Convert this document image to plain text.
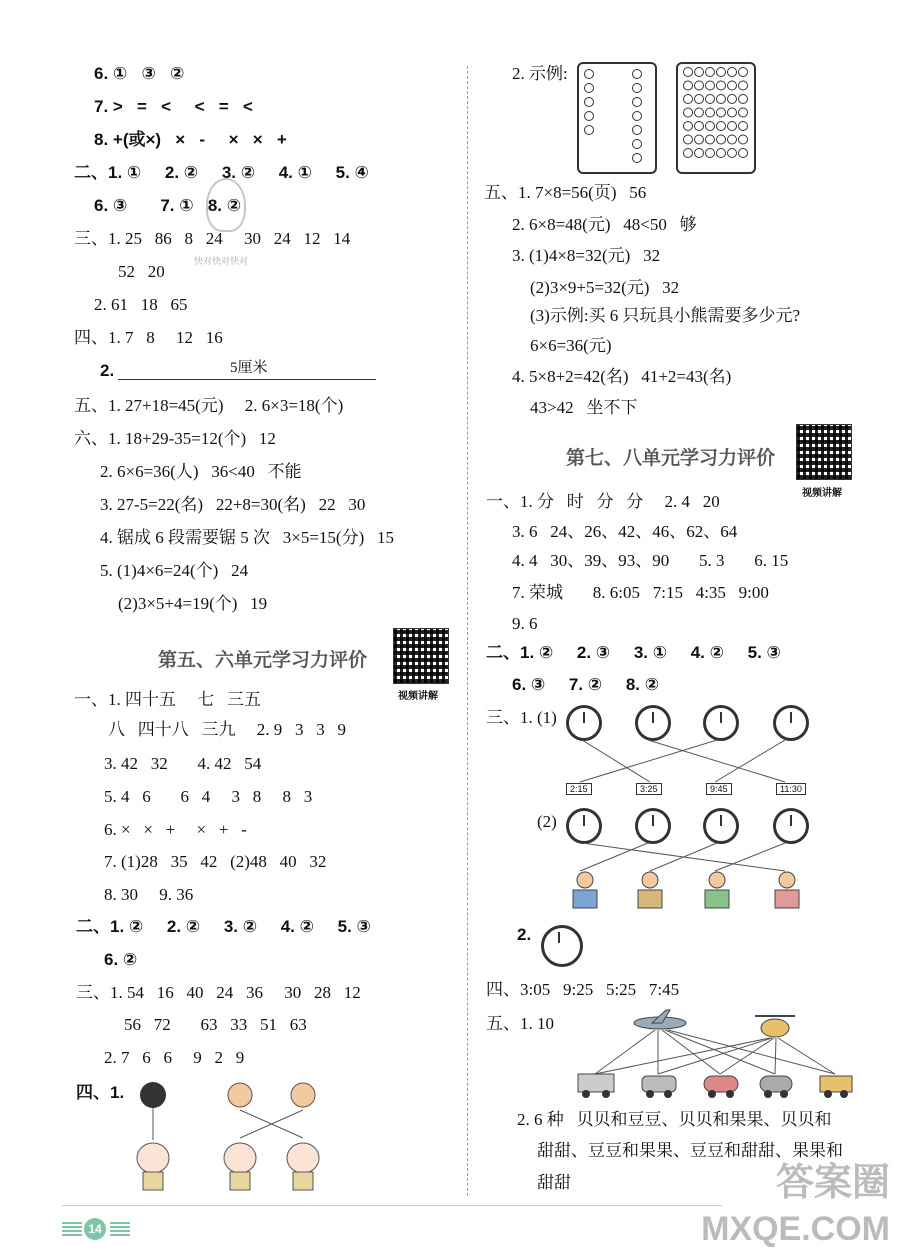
6. ①   ③   ②
7. >   =   <     <   =   <
8. +(或×)   ×   -     ×   ×   +
二、1. ①     2. ②     3. ②     4. ①     5. ④
6. ③       7. ①   8. ②
三、1. 25   86   8   24     30   24   12   14
52   20
2. 61   18   65
四、1. 7   8     12   16
2.	5厘米
五、1. 27+18=45(元)     2. 6×3=18(个)
六、1. 18+29-35=12(个)   12
2. 6×6=36(人)   36<40   不能
3. 27-5=22(名)   22+8=30(名)   22   30
4. 锯成 6 段需要锯 5 次   3×5=15(分)   15
5. (1)4×6=24(个)   24
(2)3×5+4=19(个)   19
第五、六单元学习力评价
视频讲解
一、1. 四十五     七   三五
八   四十八   三九     2. 9   3   3   9
3. 42   32       4. 42   54
5. 4   6       6   4     3   8     8   3
6. ×   ×   +     ×   +   -
7. (1)28   35   42   (2)48   40   32
8. 30     9. 36
二、1. ②     2. ②     3. ②     4. ②     5. ③
6. ②
三、1. 54   16   40   24   36     30   28   12
56   72       63   33   51   63
2. 7   6   6     9   2   9
四、1.
快对快对快对
2. 示例:
五、1. 7×8=56(页)   56
2. 6×8=48(元)   48<50   够
3. (1)4×8=32(元)   32
(2)3×9+5=32(元)   32
(3)示例:买 6 只玩具小熊需要多少元?
6×6=36(元)
4. 5×8+2=42(名)   41+2=43(名)
43>42   坐不下
第七、八单元学习力评价
视频讲解
一、1. 分   时   分   分     2. 4   20
3. 6   24、26、42、46、62、64
4. 4   30、39、93、90       5. 3       6. 15
7. 荣城       8. 6:05   7:15   4:35   9:00
9. 6
二、1. ②     2. ③     3. ①     4. ②     5. ③
6. ③     7. ②     8. ②
三、1. (1)
2:15	3:25	9:45	11:30
(2)
2.
四、3:05   9:25   5:25   7:45
五、1. 10
2. 6 种   贝贝和豆豆、贝贝和果果、贝贝和
甜甜、豆豆和果果、豆豆和甜甜、果果和
甜甜
14
答案圈
MXQE.COM
